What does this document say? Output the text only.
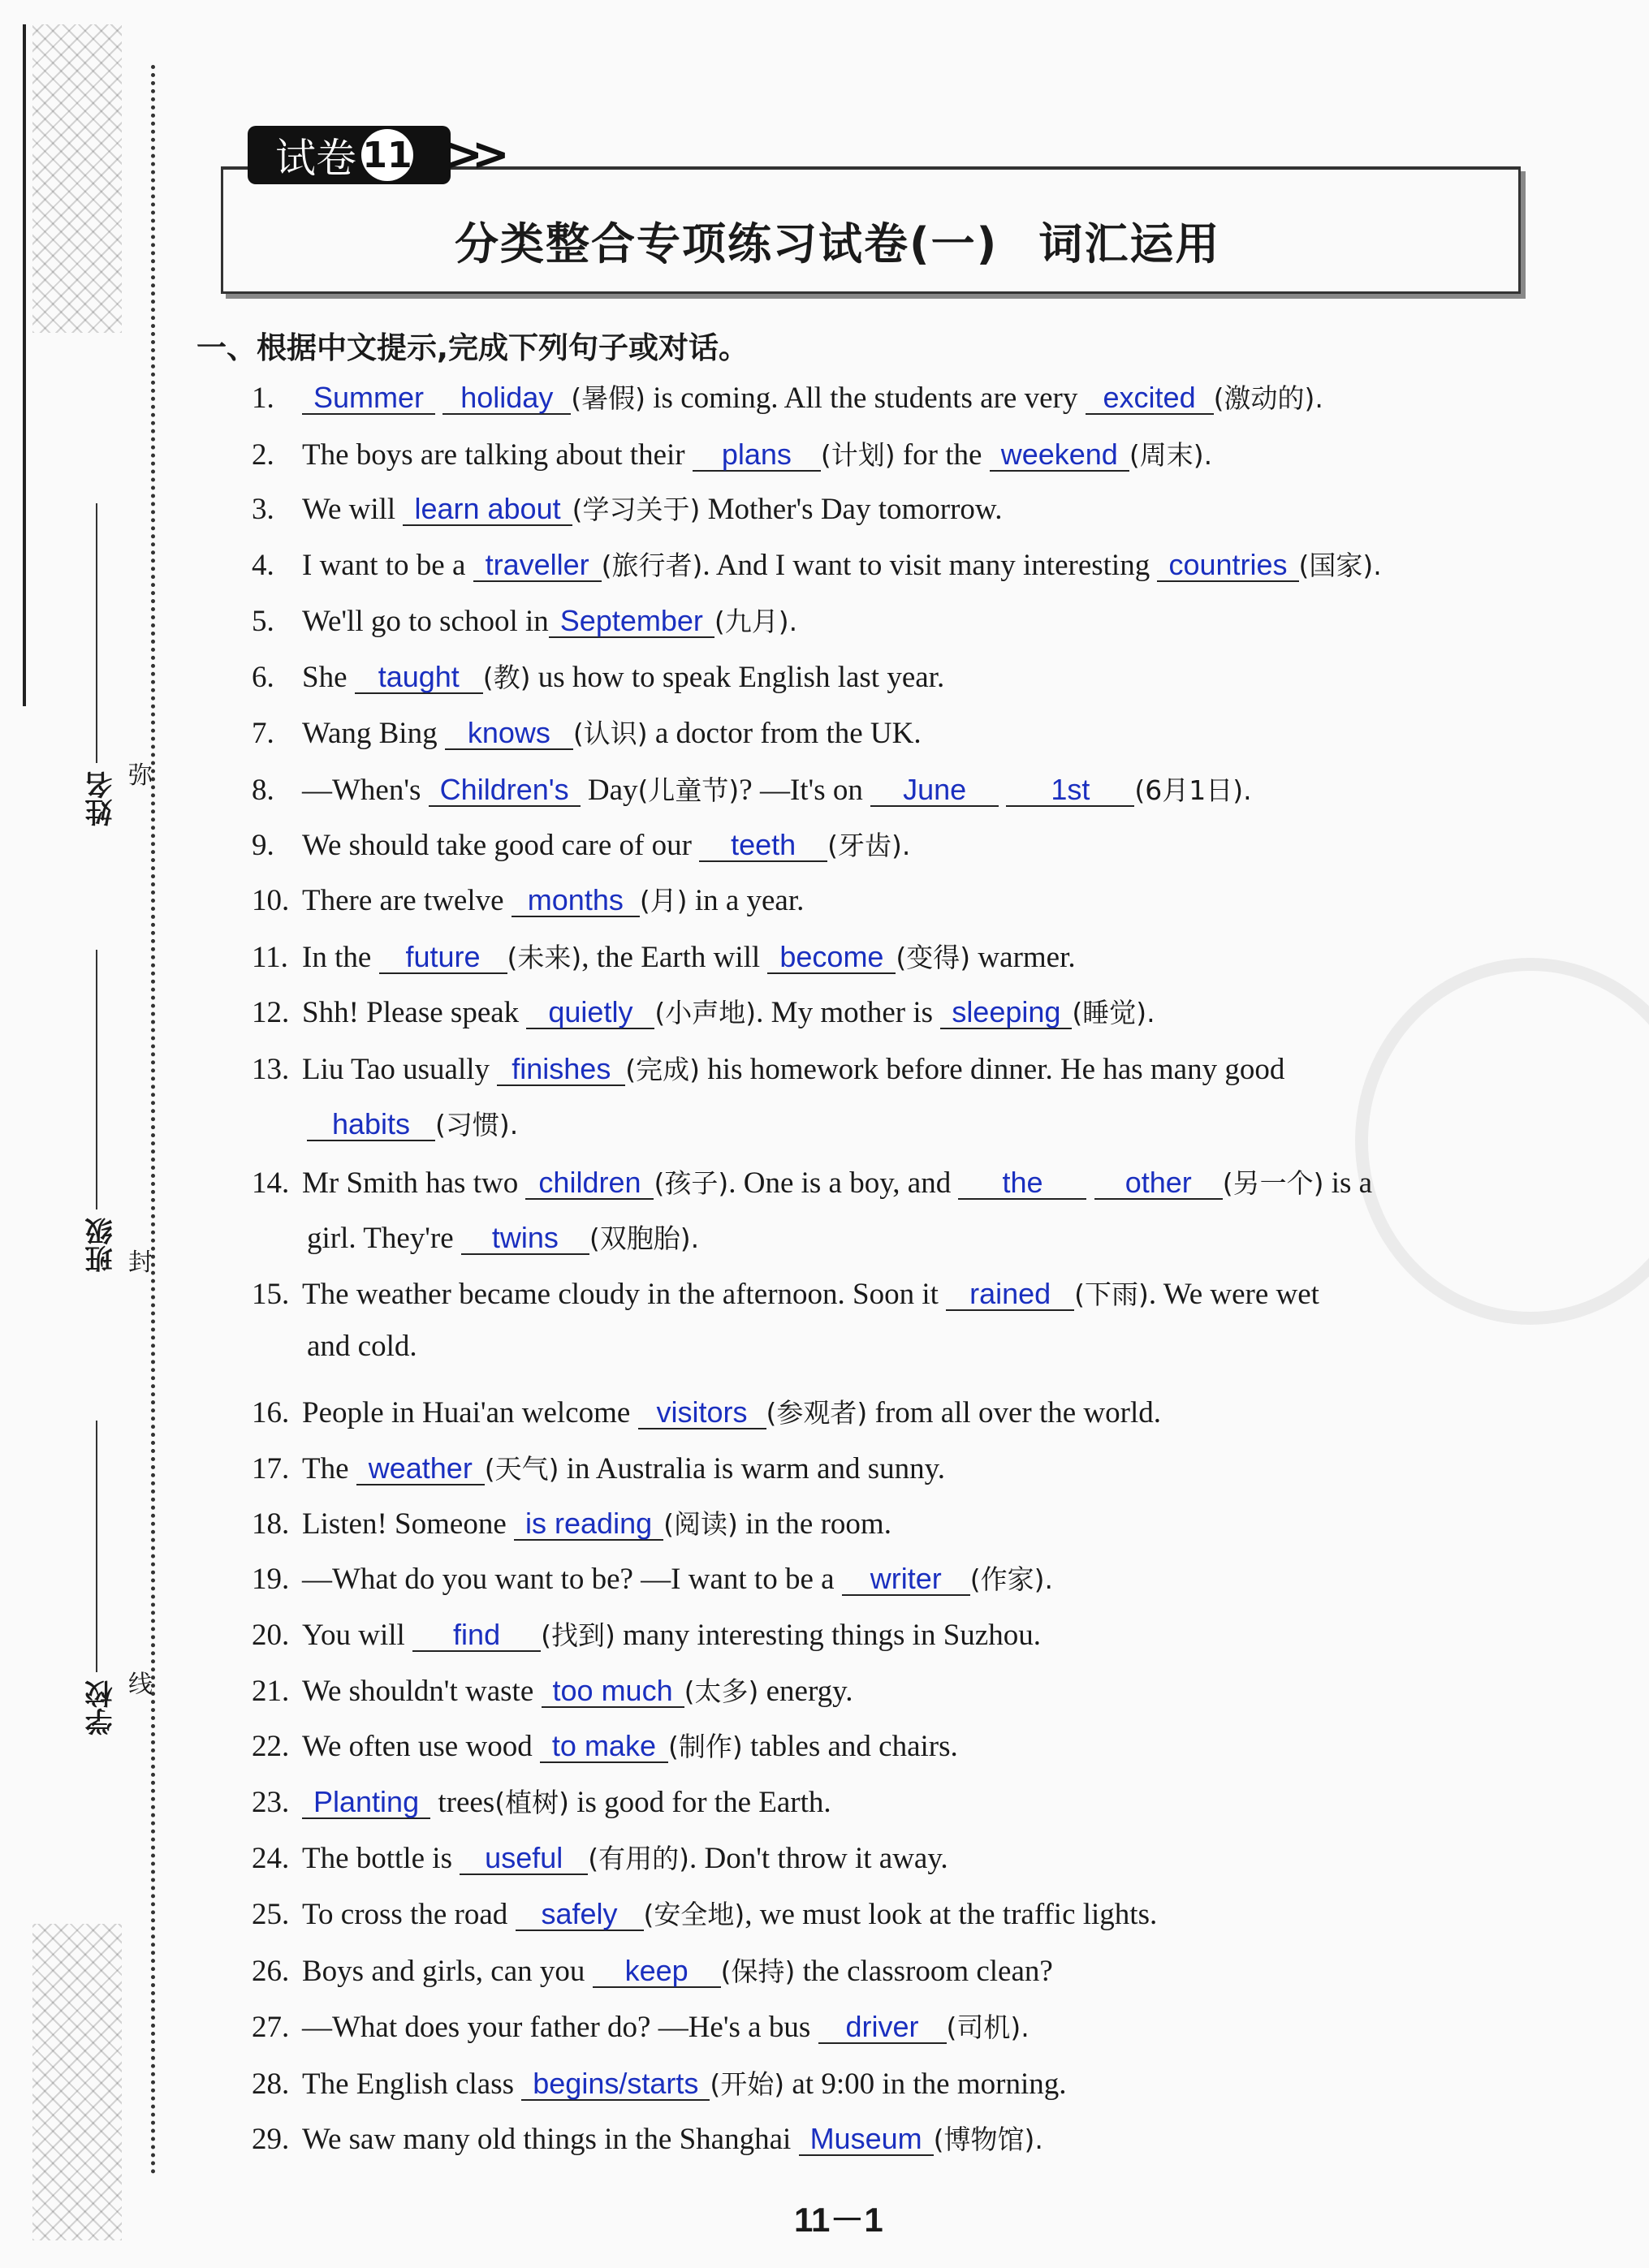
姓名
班级
学校
弥
封
线
试卷 11 >>
分类整合专项练习试卷(一) 词汇运用
一、根据中文提示,完成下列句子或对话。
1. Summer holiday (暑假) is coming. All the students are very excited (激动的).
2. The boys are talking about their plans (计划) for the weekend (周末).
3. We will learn about (学习关于) Mother's Day tomorrow.
4. I want to be a traveller (旅行者). And I want to visit many interesting countries (国家).
5. We'll go to school in September (九月).
6. She taught (教) us how to speak English last year.
7. Wang Bing knows (认识) a doctor from the UK.
8. —When's Children's Day(儿童节)? —It's on June	1st (6月1日).
9. We should take good care of our teeth (牙齿).
10. There are twelve months (月) in a year.
11. In the future (未来), the Earth will become (变得) warmer.
12. Shh! Please speak quietly (小声地). My mother is sleeping (睡觉).
13. Liu Tao usually finishes (完成) his homework before dinner. He has many good
habits (习惯).
14. Mr Smith has two children (孩子). One is a boy, and the	other (另一个) is a
girl. They're twins (双胞胎).
15. The weather became cloudy in the afternoon. Soon it rained (下雨). We were wet
and cold.
16. People in Huai'an welcome visitors (参观者) from all over the world.
17. The weather (天气) in Australia is warm and sunny.
18. Listen! Someone is reading (阅读) in the room.
19. —What do you want to be? —I want to be a writer (作家).
20. You will find (找到) many interesting things in Suzhou.
21. We shouldn't waste too much (太多) energy.
22. We often use wood to make (制作) tables and chairs.
23. Planting trees(植树) is good for the Earth.
24. The bottle is useful (有用的). Don't throw it away.
25. To cross the road safely (安全地), we must look at the traffic lights.
26. Boys and girls, can you keep (保持) the classroom clean?
27. —What does your father do? —He's a bus driver (司机).
28. The English class begins/starts (开始) at 9:00 in the morning.
29. We saw many old things in the Shanghai Museum (博物馆).
11－1
